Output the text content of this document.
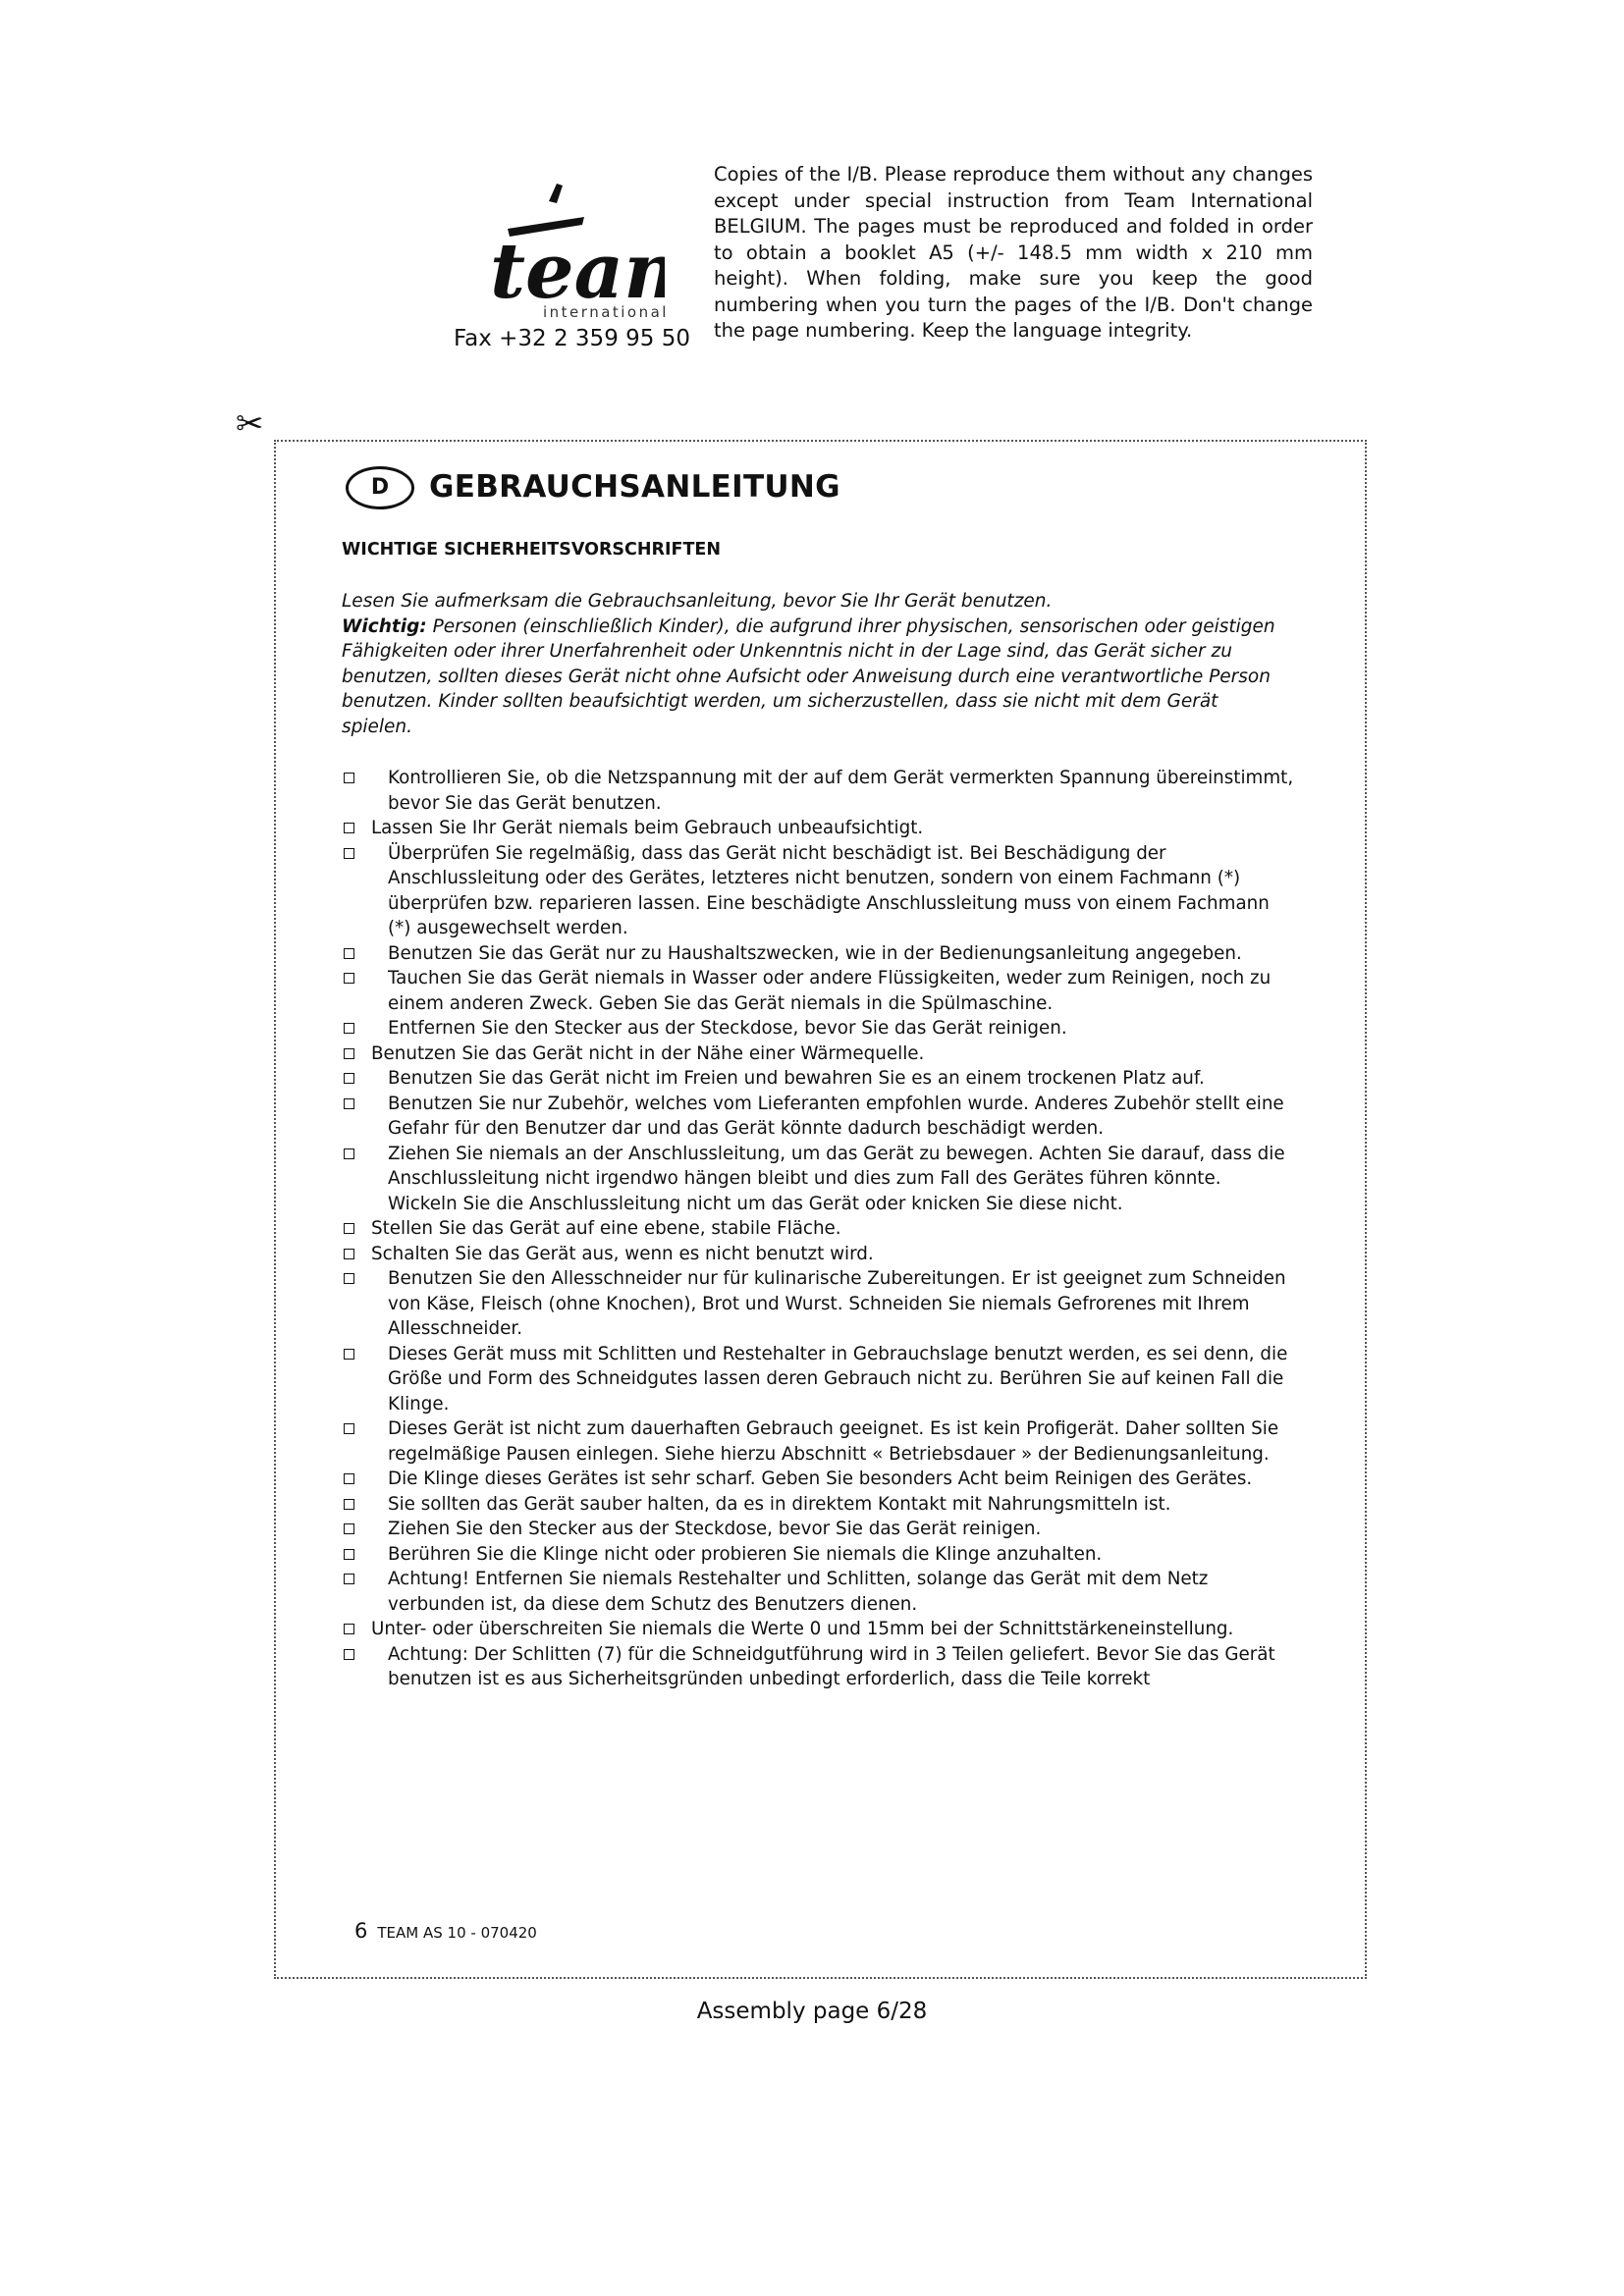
tea
international
Fax +32 2 359 95 50
Copies of the I/B. Please reproduce them without any changes except under special instruction from Team International BELGIUM. The pages must be reproduced and folded in order to obtain a booklet A5 (+/- 148.5 mm width x 210 mm height). When folding, make sure you keep the good numbering when you turn the pages of the I/B. Don't change the page numbering. Keep the language integrity.
✂
D	GEBRAUCHSANLEITUNG
WICHTIGE SICHERHEITSVORSCHRIFTEN
Lesen Sie aufmerksam die Gebrauchsanleitung, bevor Sie Ihr Gerät benutzen.
Wichtig: Personen (einschließlich Kinder), die aufgrund ihrer physischen, sensorischen oder geistigen Fähigkeiten oder ihrer Unerfahrenheit oder Unkenntnis nicht in der Lage sind, das Gerät sicher zu benutzen, sollten dieses Gerät nicht ohne Aufsicht oder Anweisung durch eine verantwortliche Person benutzen. Kinder sollten beaufsichtigt werden, um sicherzustellen, dass sie nicht mit dem Gerät spielen.
Kontrollieren Sie, ob die Netzspannung mit der auf dem Gerät vermerkten Spannung übereinstimmt, bevor Sie das Gerät benutzen.
Lassen Sie Ihr Gerät niemals beim Gebrauch unbeaufsichtigt.
Überprüfen Sie regelmäßig, dass das Gerät nicht beschädigt ist. Bei Beschädigung der Anschlussleitung oder des Gerätes, letzteres nicht benutzen, sondern von einem Fachmann (*) überprüfen bzw. reparieren lassen. Eine beschädigte Anschlussleitung muss von einem Fachmann (*) ausgewechselt werden.
Benutzen Sie das Gerät nur zu Haushaltszwecken, wie in der Bedienungsanleitung angegeben.
Tauchen Sie das Gerät niemals in Wasser oder andere Flüssigkeiten, weder zum Reinigen, noch zu einem anderen Zweck. Geben Sie das Gerät niemals in die Spülmaschine.
Entfernen Sie den Stecker aus der Steckdose, bevor Sie das Gerät reinigen.
Benutzen Sie das Gerät nicht in der Nähe einer Wärmequelle.
Benutzen Sie das Gerät nicht im Freien und bewahren Sie es an einem trockenen Platz auf.
Benutzen Sie nur Zubehör, welches vom Lieferanten empfohlen wurde. Anderes Zubehör stellt eine Gefahr für den Benutzer dar und das Gerät könnte dadurch beschädigt werden.
Ziehen Sie niemals an der Anschlussleitung, um das Gerät zu bewegen. Achten Sie darauf, dass die Anschlussleitung nicht irgendwo hängen bleibt und dies zum Fall des Gerätes führen könnte. Wickeln Sie die Anschlussleitung nicht um das Gerät oder knicken Sie diese nicht.
Stellen Sie das Gerät auf eine ebene, stabile Fläche.
Schalten Sie das Gerät aus, wenn es nicht benutzt wird.
Benutzen Sie den Allesschneider nur für kulinarische Zubereitungen. Er ist geeignet zum Schneiden von Käse, Fleisch (ohne Knochen), Brot und Wurst. Schneiden Sie niemals Gefrorenes mit Ihrem Allesschneider.
Dieses Gerät muss mit Schlitten und Restehalter in Gebrauchslage benutzt werden, es sei denn, die Größe und Form des Schneidgutes lassen deren Gebrauch nicht zu. Berühren Sie auf keinen Fall die Klinge.
Dieses Gerät ist nicht zum dauerhaften Gebrauch geeignet. Es ist kein Profigerät. Daher sollten Sie regelmäßige Pausen einlegen. Siehe hierzu Abschnitt « Betriebsdauer » der Bedienungsanleitung.
Die Klinge dieses Gerätes ist sehr scharf. Geben Sie besonders Acht beim Reinigen des Gerätes.
Sie sollten das Gerät sauber halten, da es in direktem Kontakt mit Nahrungsmitteln ist.
Ziehen Sie den Stecker aus der Steckdose, bevor Sie das Gerät reinigen.
Berühren Sie die Klinge nicht oder probieren Sie niemals die Klinge anzuhalten.
Achtung! Entfernen Sie niemals Restehalter und Schlitten, solange das Gerät mit dem Netz verbunden ist, da diese dem Schutz des Benutzers dienen.
Unter- oder überschreiten Sie niemals die Werte 0 und 15mm bei der Schnittstärkeneinstellung.
Achtung: Der Schlitten (7) für die Schneidgutführung wird in 3 Teilen geliefert. Bevor Sie das Gerät benutzen ist es aus Sicherheitsgründen unbedingt erforderlich, dass die Teile korrekt
6 TEAM AS 10 - 070420
Assembly page 6/28
